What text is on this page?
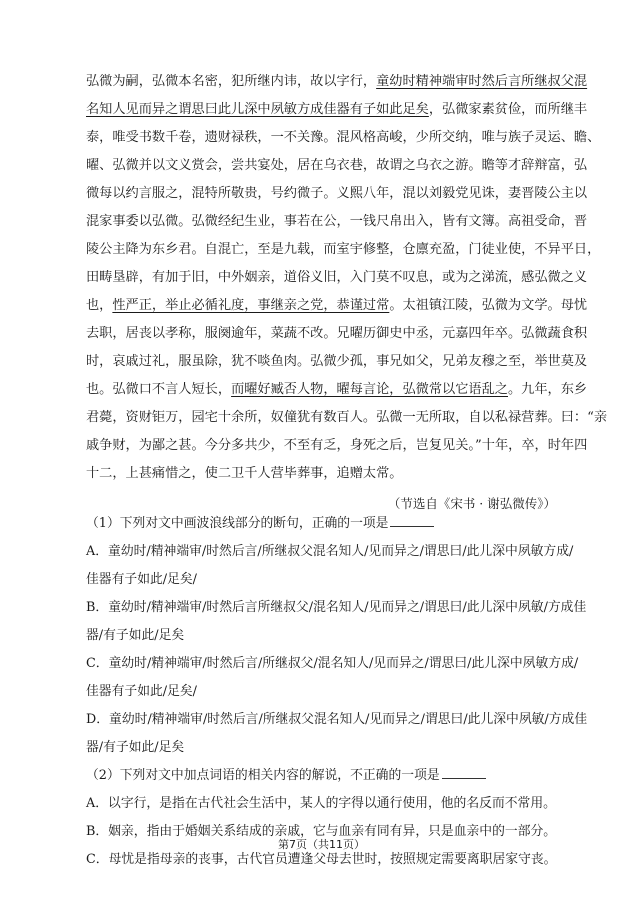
弘微为嗣，弘微本名密，犯所继内讳，故以字行，童幼时精神端审时然后言所继叔父混
名知人见而异之谓思曰此儿深中夙敏方成佳器有子如此足矣，弘微家素贫俭，而所继丰
泰，唯受书数千卷，遗财禄秩，一不关豫。混风格高峻，少所交纳，唯与族子灵运、瞻、
曜、弘微并以文义赏会，尝共宴处，居在乌衣巷，故谓之乌衣之游。瞻等才辞辩富，弘
微每以约言服之，混特所敬贵，号约微子。义熙八年，混以刘毅党见诛，妻晋陵公主以
混家事委以弘微。弘微经纪生业，事若在公，一钱尺帛出入，皆有文簿。高祖受命，晋
陵公主降为东乡君。自混亡，至是九载，而室宇修整，仓廪充盈，门徒业使，不异平日，
田畴垦辟，有加于旧，中外姻亲，道俗义旧，入门莫不叹息，或为之涕流，感弘微之义
也，性严正，举止必循礼度，事继亲之党，恭谨过常。太祖镇江陵，弘微为文学。母忧
去职，居丧以孝称，服阕逾年，菜蔬不改。兄曜历御史中丞，元嘉四年卒。弘微蔬食积
时，哀戚过礼，服虽除，犹不啖鱼肉。弘微少孤，事兄如父，兄弟友穆之至，举世莫及
也。弘微口不言人短长，而曜好臧否人物，曜每言论，弘微常以它语乱之。九年，东乡
君薨，资财钜万，园宅十余所，奴僮犹有数百人。弘微一无所取，自以私禄营葬。曰：“亲
戚争财，为鄙之甚。今分多共少，不至有乏，身死之后，岂复见关。”十年，卒，时年四
十二，上甚痛惜之，使二卫千人营毕葬事，追赠太常。
（节选自《宋书 · 谢弘微传》）
（1）下列对文中画波浪线部分的断句，正确的一项是
A．童幼时/精神端审/时然后言/所继叔父混名知人/见而异之/谓思曰/此儿深中夙敏方成/
佳器有子如此/足矣/
B．童幼时/精神端审/时然后言所继叔父/混名知人/见而异之/谓思曰/此儿深中夙敏/方成佳
器/有子如此/足矣
C．童幼时/精神端审/时然后言/所继叔父/混名知人/见而异之/谓思曰/此儿深中夙敏方成/
佳器有子如此/足矣/
D．童幼时/精神端审/时然后言/所继叔父混名知人/见而异之/谓思曰/此儿深中夙敏/方成佳
器/有子如此/足矣
（2）下列对文中加点词语的相关内容的解说，不正确的一项是
A．以字行，是指在古代社会生活中，某人的字得以通行使用，他的名反而不常用。
B．姻亲，指由于婚姻关系结成的亲戚，它与血亲有同有异，只是血亲中的一部分。
C．母忧是指母亲的丧事，古代官员遭逢父母去世时，按照规定需要离职居家守丧。
第7页（共11页）
